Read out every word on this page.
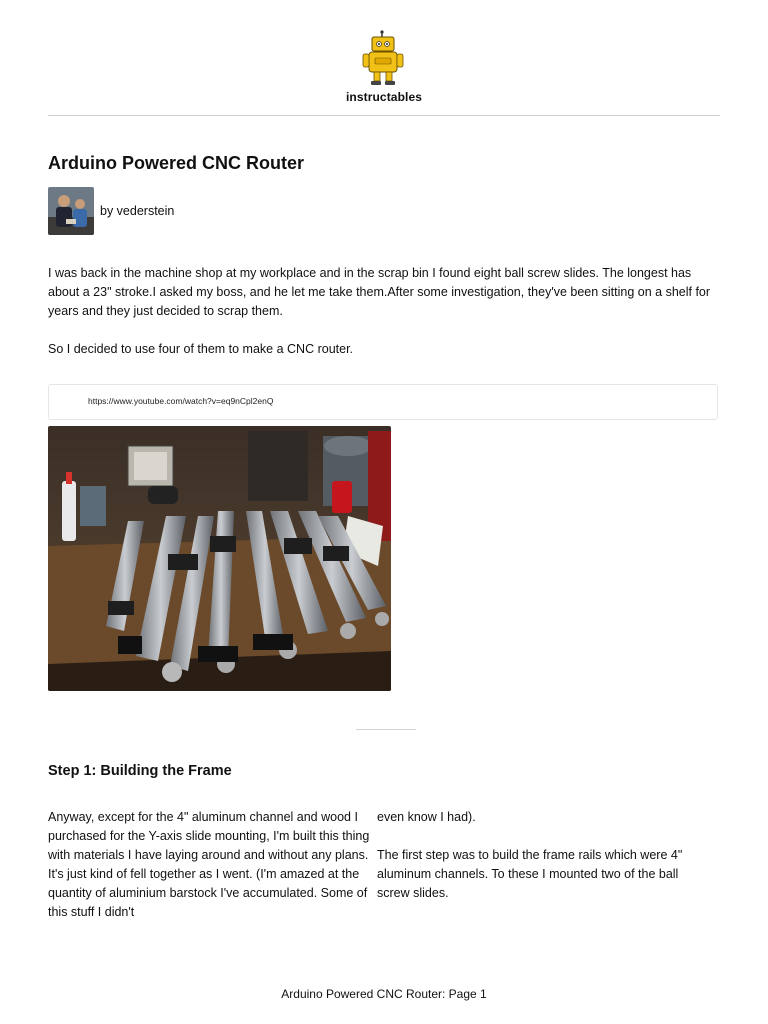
instructables
Arduino Powered CNC Router
by vederstein

I was back in the machine shop at my workplace and in the scrap bin I found eight ball screw slides. The longest has about a 23" stroke.I asked my boss, and he let me take them.After some investigation, they've been sitting on a shelf for years and they just decided to scrap them.

So I decided to use four of them to make a CNC router.

https://www.youtube.com/watch?v=eq9nCpl2enQ
Step 1: Building the Frame

Anyway, except for the 4" aluminum channel and wood I purchased for the Y-axis slide mounting, I'm built this thing with materials I have laying around and without any plans. It's just kind of fell together as I went. (I'm amazed at the quantity of aluminium barstock I've accumulated. Some of this stuff I didn't

even know I had).

The first step was to build the frame rails which were 4" aluminum channels. To these I mounted two of the ball screw slides.

Arduino Powered CNC Router: Page 1
